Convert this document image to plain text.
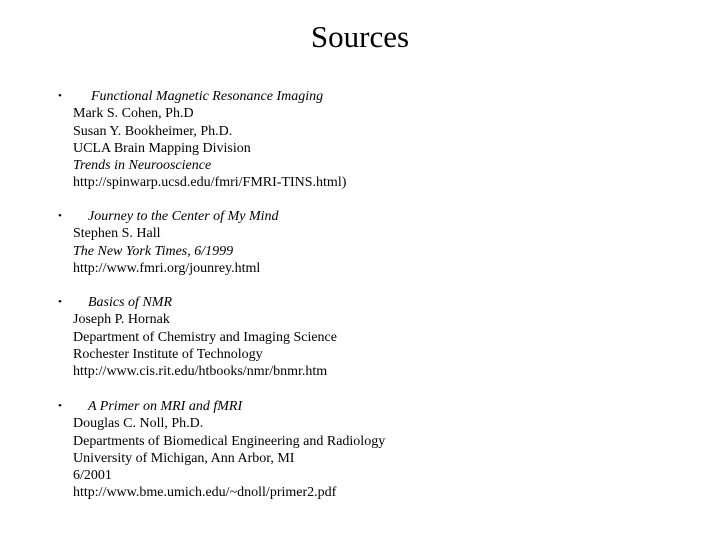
Sources
• Functional Magnetic Resonance Imaging
Mark S. Cohen, Ph.D
Susan Y. Bookheimer, Ph.D.
UCLA Brain Mapping Division
Trends in Neurooscience
http://spinwarp.ucsd.edu/fmri/FMRI-TINS.html)
• Journey to the Center of My Mind
Stephen S. Hall
The New York Times, 6/1999
http://www.fmri.org/jounrey.html
• Basics of NMR
Joseph P. Hornak
Department of Chemistry and Imaging Science
Rochester Institute of Technology
http://www.cis.rit.edu/htbooks/nmr/bnmr.htm
• A Primer on MRI and fMRI
Douglas C. Noll, Ph.D.
Departments of Biomedical Engineering and Radiology
University of Michigan, Ann Arbor, MI
6/2001
http://www.bme.umich.edu/~dnoll/primer2.pdf
